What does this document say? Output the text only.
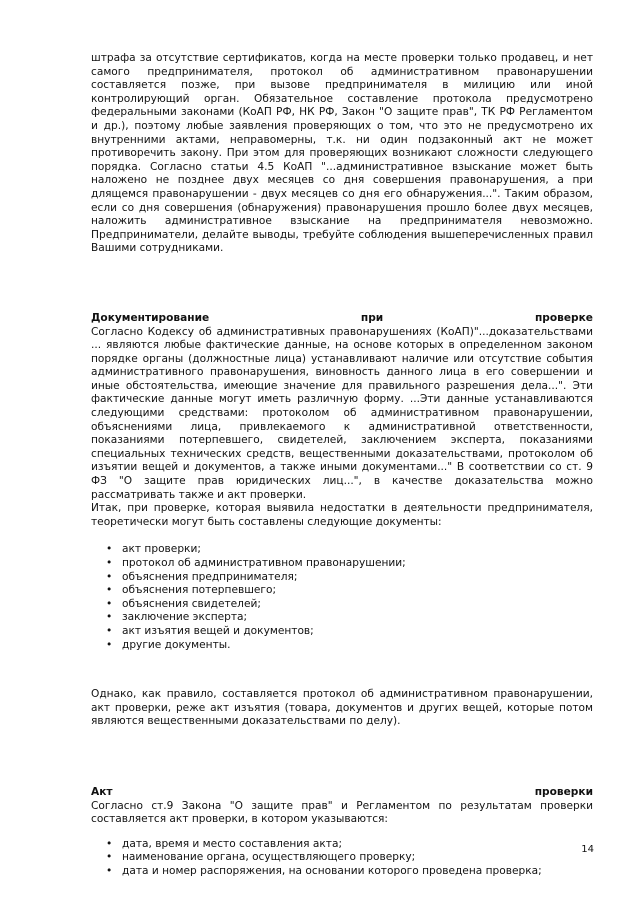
штрафа за отсутствие сертификатов, когда на месте проверки только продавец, и нет самого предпринимателя, протокол об административном правонарушении составляется позже, при вызове предпринимателя в милицию или иной контролирующий орган. Обязательное составление протокола предусмотрено федеральными законами (КоАП РФ, НК РФ, Закон "О защите прав", ТК РФ Регламентом и др.), поэтому любые заявления проверяющих о том, что это не предусмотрено их внутренними актами, неправомерны, т.к. ни один подзаконный акт не может противоречить закону. При этом для проверяющих возникают сложности следующего порядка. Согласно статьи 4.5 КоАП "...административное взыскание может быть наложено не позднее двух месяцев со дня совершения правонарушения, а при длящемся правонарушении - двух месяцев со дня его обнаружения...". Таким образом, если со дня совершения (обнаружения) правонарушения прошло более двух месяцев, наложить административное взыскание на предпринимателя невозможно.

Предприниматели, делайте выводы, требуйте соблюдения вышеперечисленных правил Вашими сотрудниками.

Документирование	при	проверке

Согласно Кодексу об административных правонарушениях (КоАП)"...доказательствами ... являются любые фактические данные, на основе которых в определенном законом порядке органы (должностные лица) устанавливают наличие или отсутствие события административного правонарушения, виновность данного лица в его совершении и иные обстоятельства, имеющие значение для правильного разрешения дела...". Эти фактические данные могут иметь различную форму. ...Эти данные устанавливаются следующими средствами: протоколом об административном правонарушении, объяснениями лица, привлекаемого к административной ответственности, показаниями потерпевшего, свидетелей, заключением эксперта, показаниями специальных технических средств, вещественными доказательствами, протоколом об изъятии вещей и документов, а также иными документами..." В соответствии со ст. 9 ФЗ "О защите прав юридических лиц...", в качестве доказательства можно рассматривать также и акт проверки.

Итак, при проверке, которая выявила недостатки в деятельности предпринимателя, теоретически могут быть составлены следующие документы:

• акт проверки;
• протокол об административном правонарушении;
• объяснения предпринимателя;
• объяснения потерпевшего;
• объяснения свидетелей;
• заключение эксперта;
• акт изъятия вещей и документов;
• другие документы.

Однако, как правило, составляется протокол об административном правонарушении, акт проверки, реже акт изъятия (товара, документов и других вещей, которые потом являются вещественными доказательствами по делу).

Акт	проверки

Согласно ст.9 Закона "О защите прав" и Регламентом по результатам проверки составляется акт проверки, в котором указываются:

• дата, время и место составления акта;
• наименование органа, осуществляющего проверку;
• дата и номер распоряжения, на основании которого проведена проверка;
14
